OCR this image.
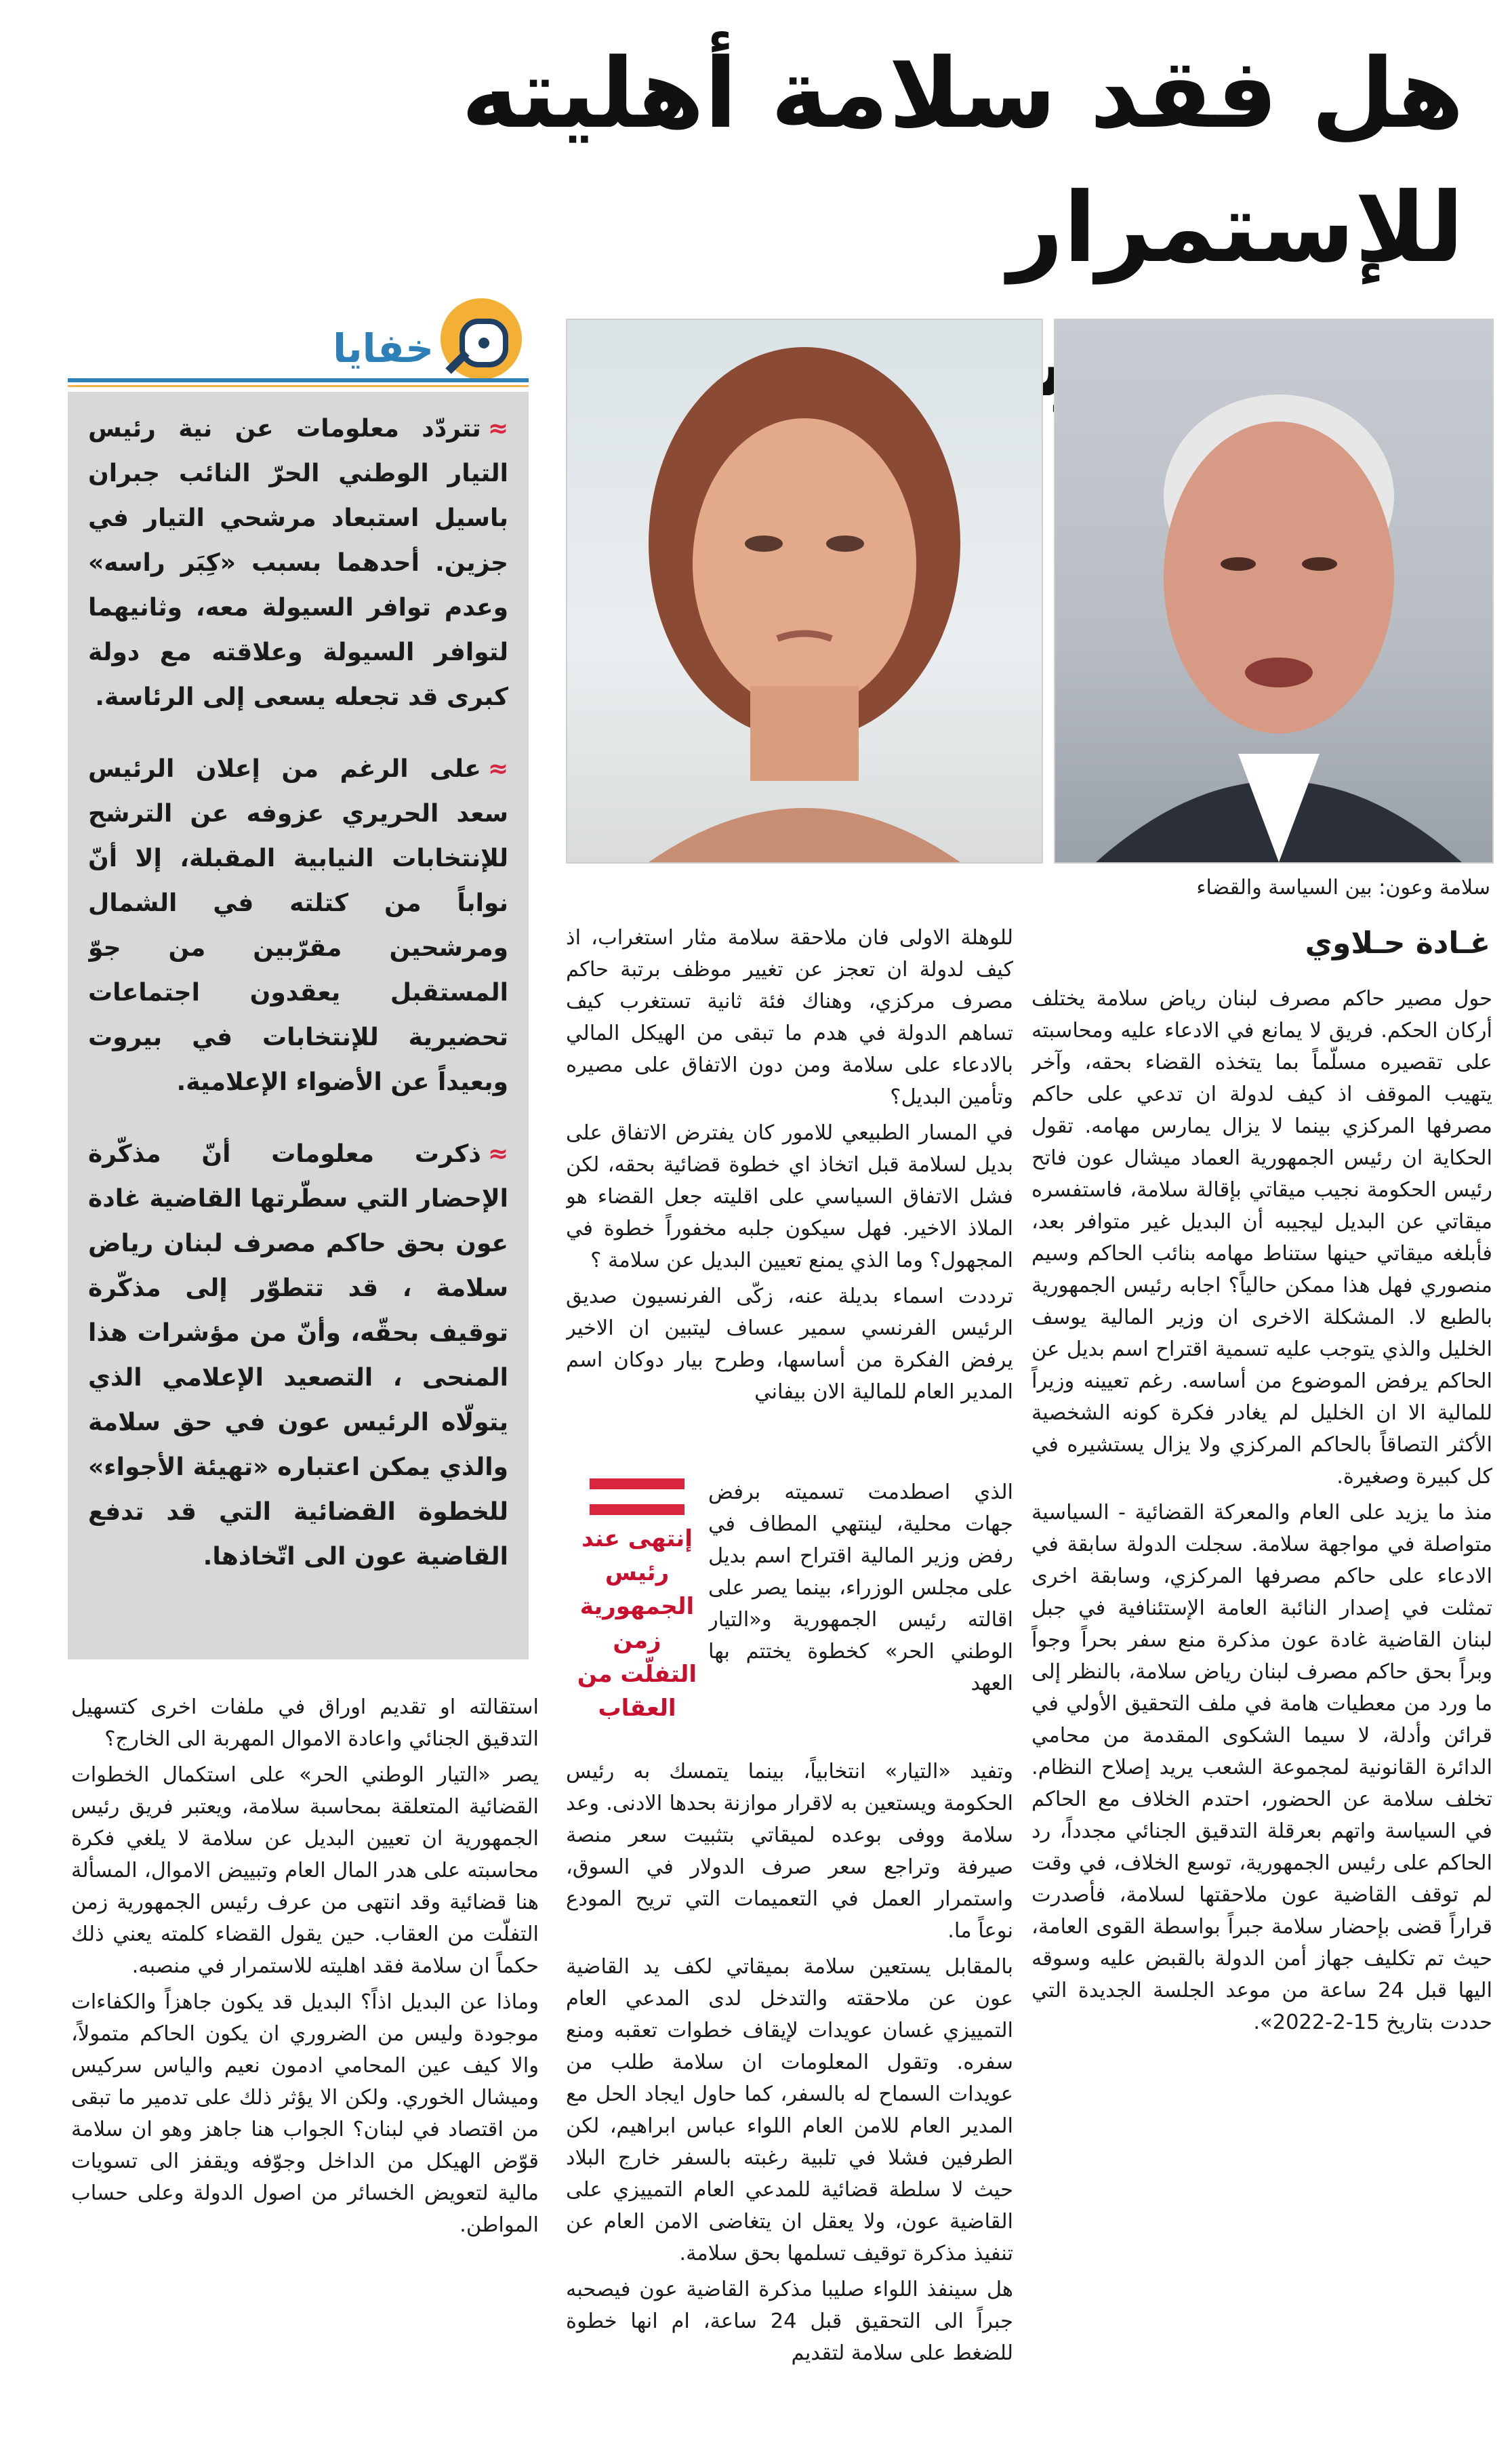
هل فقد سلامة أهليته للإستمرار
خفايا

≈تتردّد معلومات عن نية رئيس التيار الوطني الحرّ النائب جبران باسيل استبعاد مرشحي التيار في جزين. أحدهما بسبب «كِبَر راسه» وعدم توافر السيولة معه، وثانيهما لتوافر السيولة وعلاقته مع دولة كبرى قد تجعله يسعى إلى الرئاسة.

≈على الرغم من إعلان الرئيس سعد الحريري عزوفه عن الترشح للإنتخابات النيابية المقبلة، إلا أنّ نواباً من كتلته في الشمال ومرشحين مقرّبين من جوّ المستقبل يعقدون اجتماعات تحضيرية للإنتخابات في بيروت وبعيداً عن الأضواء الإعلامية.

≈ذكرت معلومات أنّ مذكّرة الإحضار التي سطّرتها القاضية غادة عون بحق حاكم مصرف لبنان رياض سلامة ، قد تتطوّر إلى مذكّرة توقيف بحقّه، وأنّ من مؤشرات هذا المنحى ، التصعيد الإعلامي الذي يتولّاه الرئيس عون في حق سلامة والذي يمكن اعتباره «تهيئة الأجواء» للخطوة القضائية التي قد تدفع القاضية عون الى اتّخاذها.

سلامة وعون: بين السياسة والقضاء
غـادة حـلاوي

حول مصير حاكم مصرف لبنان رياض سلامة يختلف أركان الحكم. فريق لا يمانع في الادعاء عليه ومحاسبته على تقصيره مسلّماً بما يتخذه القضاء بحقه، وآخر يتهيب الموقف اذ كيف لدولة ان تدعي على حاكم مصرفها المركزي بينما لا يزال يمارس مهامه. تقول الحكاية ان رئيس الجمهورية العماد ميشال عون فاتح رئيس الحكومة نجيب ميقاتي بإقالة سلامة، فاستفسره ميقاتي عن البديل ليجيبه أن البديل غير متوافر بعد، فأبلغه ميقاتي حينها ستناط مهامه بنائب الحاكم وسيم منصوري فهل هذا ممكن حالياً؟ اجابه رئيس الجمهورية بالطبع لا. المشكلة الاخرى ان وزير المالية يوسف الخليل والذي يتوجب عليه تسمية اقتراح اسم بديل عن الحاكم يرفض الموضوع من أساسه. رغم تعيينه وزيراً للمالية الا ان الخليل لم يغادر فكرة كونه الشخصية الأكثر التصاقاً بالحاكم المركزي ولا يزال يستشيره في كل كبيرة وصغيرة.

منذ ما يزيد على العام والمعركة القضائية - السياسية متواصلة في مواجهة سلامة. سجلت الدولة سابقة في الادعاء على حاكم مصرفها المركزي، وسابقة اخرى تمثلت في إصدار النائبة العامة الإستئنافية في جبل لبنان القاضية غادة عون مذكرة منع سفر بحراً وجواً وبراً بحق حاكم مصرف لبنان رياض سلامة، بالنظر إلى ما ورد من معطيات هامة في ملف التحقيق الأولي في قرائن وأدلة، لا سيما الشكوى المقدمة من محامي الدائرة القانونية لمجموعة الشعب يريد إصلاح النظام. تخلف سلامة عن الحضور، احتدم الخلاف مع الحاكم في السياسة واتهم بعرقلة التدقيق الجنائي مجدداً، رد الحاكم على رئيس الجمهورية، توسع الخلاف، في وقت لم توقف القاضية عون ملاحقتها لسلامة، فأصدرت قراراً قضى بإحضار سلامة جبراً بواسطة القوى العامة، حيث تم تكليف جهاز أمن الدولة بالقبض عليه وسوقه اليها قبل 24 ساعة من موعد الجلسة الجديدة التي حددت بتاريخ 15-2-2022».

للوهلة الاولى فان ملاحقة سلامة مثار استغراب، اذ كيف لدولة ان تعجز عن تغيير موظف برتبة حاكم مصرف مركزي، وهناك فئة ثانية تستغرب كيف تساهم الدولة في هدم ما تبقى من الهيكل المالي بالادعاء على سلامة ومن دون الاتفاق على مصيره وتأمين البديل؟

في المسار الطبيعي للامور كان يفترض الاتفاق على بديل لسلامة قبل اتخاذ اي خطوة قضائية بحقه، لكن فشل الاتفاق السياسي على اقليته جعل القضاء هو الملاذ الاخير. فهل سيكون جلبه مخفوراً خطوة في المجهول؟ وما الذي يمنع تعيين البديل عن سلامة ؟

ترددت اسماء بديلة عنه، زكّى الفرنسيون صديق الرئيس الفرنسي سمير عساف ليتبين ان الاخير يرفض الفكرة من أساسها، وطرح بيار دوكان اسم المدير العام للمالية الان بيفاني

إنتهى عند رئيس الجمهورية زمن التفلّت من العقاب
الذي اصطدمت تسميته برفض جهات محلية، لينتهي المطاف في رفض وزير المالية اقتراح اسم بديل على مجلس الوزراء، بينما يصر على اقالته رئيس الجمهورية و«التيار الوطني الحر» كخطوة يختتم بها العهد

وتفيد «التيار» انتخابياً، بينما يتمسك به رئيس الحكومة ويستعين به لاقرار موازنة بحدها الادنى. وعد سلامة ووفى بوعده لميقاتي بتثبيت سعر منصة صيرفة وتراجع سعر صرف الدولار في السوق، واستمرار العمل في التعميمات التي تريح المودع نوعاً ما.

بالمقابل يستعين سلامة بميقاتي لكف يد القاضية عون عن ملاحقته والتدخل لدى المدعي العام التمييزي غسان عويدات لإيقاف خطوات تعقبه ومنع سفره. وتقول المعلومات ان سلامة طلب من عويدات السماح له بالسفر، كما حاول ايجاد الحل مع المدير العام للامن العام اللواء عباس ابراهيم، لكن الطرفين فشلا في تلبية رغبته بالسفر خارج البلاد حيث لا سلطة قضائية للمدعي العام التمييزي على القاضية عون، ولا يعقل ان يتغاضى الامن العام عن تنفيذ مذكرة توقيف تسلمها بحق سلامة.

هل سينفذ اللواء صليبا مذكرة القاضية عون فيصحبه جبراً الى التحقيق قبل 24 ساعة، ام انها خطوة للضغط على سلامة لتقديم

استقالته او تقديم اوراق في ملفات اخرى كتسهيل التدقيق الجنائي واعادة الاموال المهربة الى الخارج؟

يصر «التيار الوطني الحر» على استكمال الخطوات القضائية المتعلقة بمحاسبة سلامة، ويعتبر فريق رئيس الجمهورية ان تعيين البديل عن سلامة لا يلغي فكرة محاسبته على هدر المال العام وتبييض الاموال، المسألة هنا قضائية وقد انتهى من عرف رئيس الجمهورية زمن التفلّت من العقاب. حين يقول القضاء كلمته يعني ذلك حكماً ان سلامة فقد اهليته للاستمرار في منصبه.

وماذا عن البديل اذاً؟ البديل قد يكون جاهزاً والكفاءات موجودة وليس من الضروري ان يكون الحاكم متمولاً، والا كيف عين المحامي ادمون نعيم والياس سركيس وميشال الخوري. ولكن الا يؤثر ذلك على تدمير ما تبقى من اقتصاد في لبنان؟ الجواب هنا جاهز وهو ان سلامة قوّض الهيكل من الداخل وجوّفه ويقفز الى تسويات مالية لتعويض الخسائر من اصول الدولة وعلى حساب المواطن.
